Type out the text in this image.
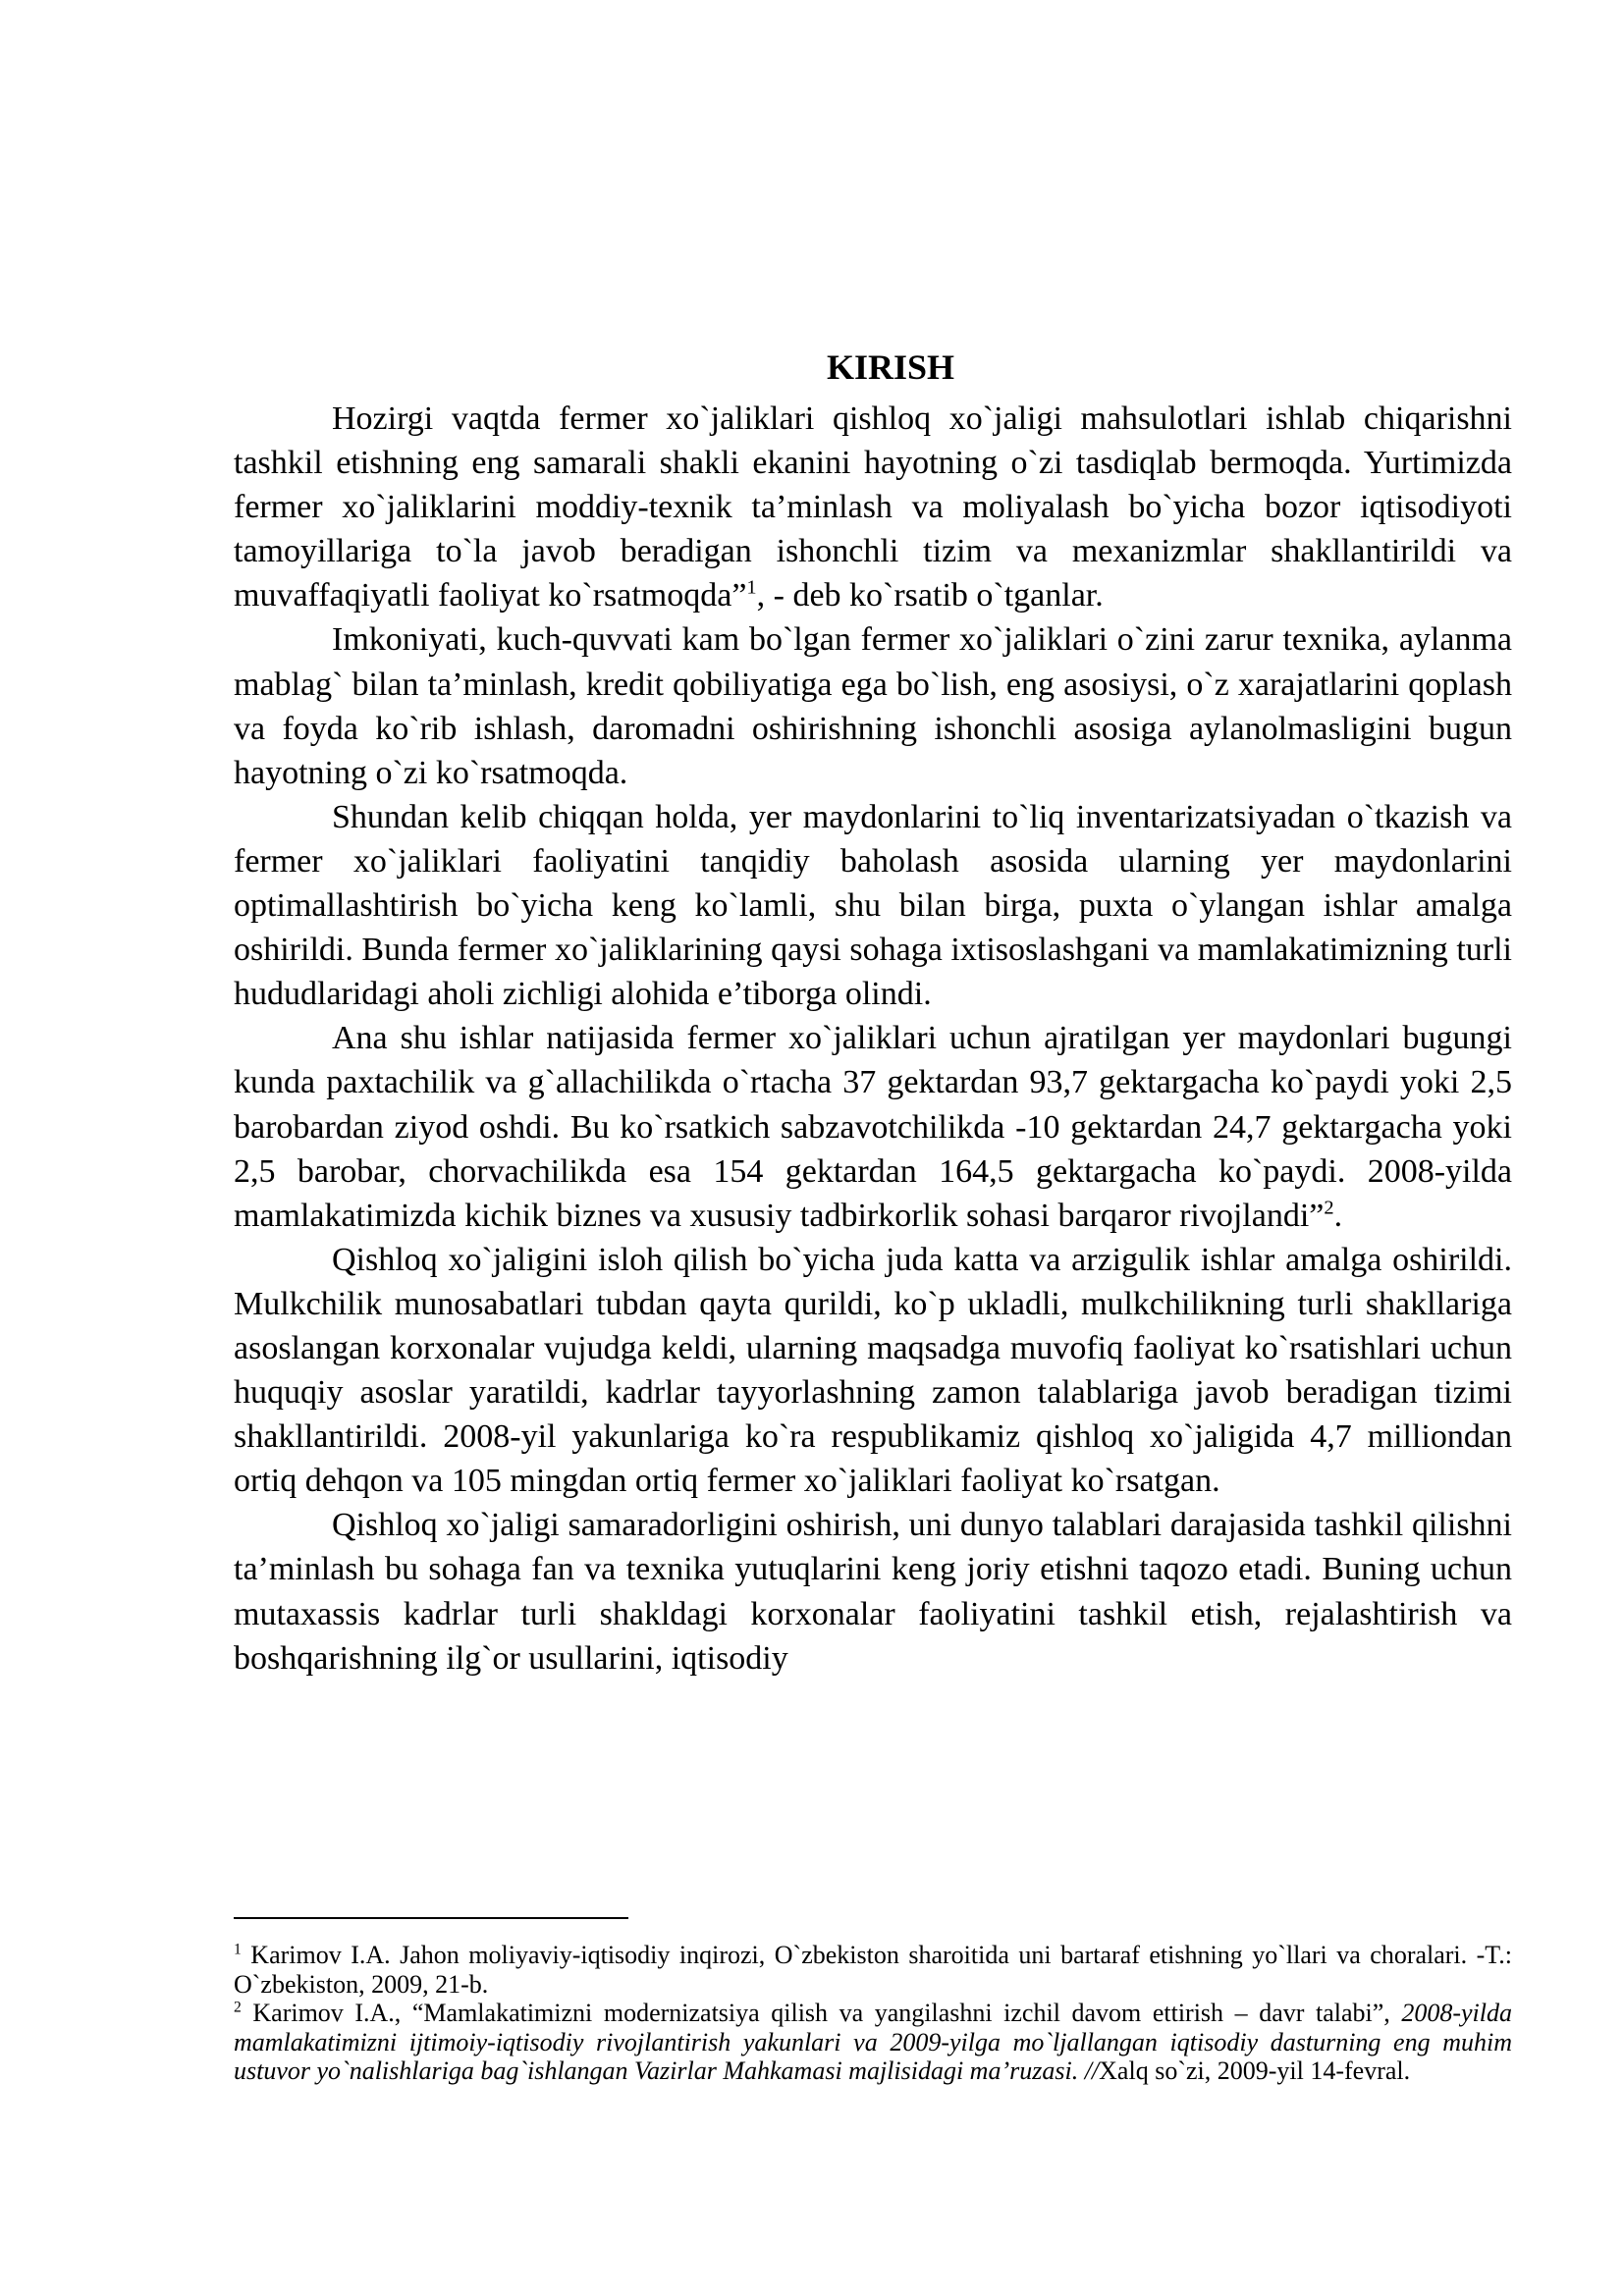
KIRISH

Hozirgi vaqtda fermer xo`jaliklari qishloq xo`jaligi mahsulotlari ishlab chiqarishni tashkil etishning eng samarali shakli ekanini hayotning o`zi tasdiqlab bermoqda. Yurtimizda fermer xo`jaliklarini moddiy-texnik ta’minlash va moliyalash bo`yicha bozor iqtisodiyoti tamoyillariga to`la javob beradigan ishonchli tizim va mexanizmlar shakllantirildi va muvaffaqiyatli faoliyat ko`rsatmoqda”$^1$, - deb ko`rsatib o`tganlar.

Imkoniyati, kuch-quvvati kam bo`lgan fermer xo`jaliklari o`zini zarur texnika, aylanma mablag` bilan ta’minlash, kredit qobiliyatiga ega bo`lish, eng asosiysi, o`z xarajatlarini qoplash va foyda ko`rib ishlash, daromadni oshirishning ishonchli asosiga aylanolmasligini bugun hayotning o`zi ko`rsatmoqda.

Shundan kelib chiqqan holda, yer maydonlarini to`liq inventarizatsiyadan o`tkazish va fermer xo`jaliklari faoliyatini tanqidiy baholash asosida ularning yer maydonlarini optimallashtirish bo`yicha keng ko`lamli, shu bilan birga, puxta o`ylangan ishlar amalga oshirildi. Bunda fermer xo`jaliklarining qaysi sohaga ixtisoslashgani va mamlakatimizning turli hududlaridagi aholi zichligi alohida e’tiborga olindi.

Ana shu ishlar natijasida fermer xo`jaliklari uchun ajratilgan yer maydonlari bugungi kunda paxtachilik va g`allachilikda o`rtacha 37 gektardan 93,7 gektargacha ko`paydi yoki 2,5 barobardan ziyod oshdi. Bu ko`rsatkich sabzavotchilikda -10 gektardan 24,7 gektargacha yoki 2,5 barobar, chorvachilikda esa 154 gektardan 164,5 gektargacha ko`paydi. 2008-yilda mamlakatimizda kichik biznes va xususiy tadbirkorlik sohasi barqaror rivojlandi”$^2$.

Qishloq xo`jaligini isloh qilish bo`yicha juda katta va arzigulik ishlar amalga oshirildi. Mulkchilik munosabatlari tubdan qayta qurildi, ko`p ukladli, mulkchilikning turli shakllariga asoslangan korxonalar vujudga keldi, ularning maqsadga muvofiq faoliyat ko`rsatishlari uchun huquqiy asoslar yaratildi, kadrlar tayyorlashning zamon talablariga javob beradigan tizimi shakllantirildi. 2008-yil yakunlariga ko`ra respublikamiz qishloq xo`jaligida 4,7 milliondan ortiq dehqon va 105 mingdan ortiq fermer xo`jaliklari faoliyat ko`rsatgan.

Qishloq xo`jaligi samaradorligini oshirish, uni dunyo talablari darajasida tashkil qilishni ta’minlash bu sohaga fan va texnika yutuqlarini keng joriy etishni taqozo etadi. Buning uchun mutaxassis kadrlar turli shakldagi korxonalar faoliyatini tashkil etish, rejalashtirish va boshqarishning ilg`or usullarini, iqtisodiy

$^1$ Karimov I.A. Jahon moliyaviy-iqtisodiy inqirozi, O`zbekiston sharoitida uni bartaraf etishning yo`llari va choralari. -T.: O`zbekiston, 2009, 21-b.

$^2$ Karimov I.A., “Mamlakatimizni modernizatsiya qilish va yangilashni izchil davom ettirish – davr talabi”, 2008-yilda mamlakatimizni ijtimoiy-iqtisodiy rivojlantirish yakunlari va 2009-yilga mo`ljallangan iqtisodiy dasturning eng muhim ustuvor yo`nalishlariga bag`ishlangan Vazirlar Mahkamasi majlisidagi ma’ruzasi. //Xalq so`zi, 2009-yil 14-fevral.
